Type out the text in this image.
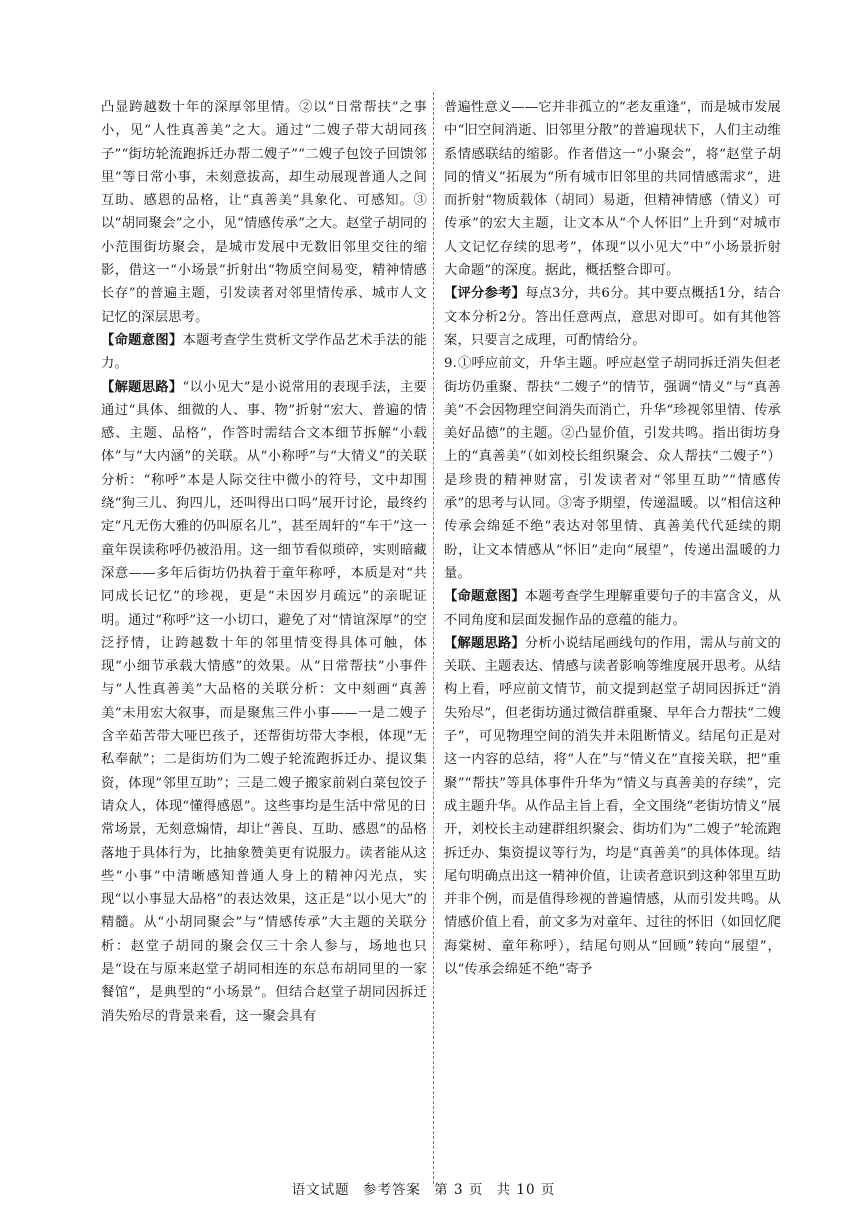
凸显跨越数十年的深厚邻里情。②以“日常帮扶”之事小，见“人性真善美”之大。通过“二嫂子带大胡同孩子”“街坊轮流跑拆迁办帮二嫂子”“二嫂子包饺子回馈邻里”等日常小事，未刻意拔高，却生动展现普通人之间互助、感恩的品格，让“真善美”具象化、可感知。③以“胡同聚会”之小，见“情感传承”之大。赵堂子胡同的小范围街坊聚会，是城市发展中无数旧邻里交往的缩影，借这一“小场景”折射出“物质空间易变，精神情感长存”的普遍主题，引发读者对邻里情传承、城市人文记忆的深层思考。

【命题意图】本题考查学生赏析文学作品艺术手法的能力。

【解题思路】“以小见大”是小说常用的表现手法，主要通过“具体、细微的人、事、物”折射“宏大、普遍的情感、主题、品格”，作答时需结合文本细节拆解“小载体”与“大内涵”的关联。从“小称呼”与“大情义”的关联分析：“称呼”本是人际交往中微小的符号，文中却围绕“狗三儿、狗四儿，还叫得出口吗”展开讨论，最终约定“凡无伤大雅的仍叫原名儿”，甚至周轩的“车干”这一童年误读称呼仍被沿用。这一细节看似琐碎，实则暗藏深意——多年后街坊仍执着于童年称呼，本质是对“共同成长记忆”的珍视，更是“未因岁月疏远”的亲昵证明。通过“称呼”这一小切口，避免了对“情谊深厚”的空泛抒情，让跨越数十年的邻里情变得具体可触，体现“小细节承载大情感”的效果。从“日常帮扶”小事件与“人性真善美”大品格的关联分析：文中刻画“真善美”未用宏大叙事，而是聚焦三件小事——一是二嫂子含辛茹苦带大哑巴孩子，还帮街坊带大李根，体现“无私奉献”；二是街坊们为二嫂子轮流跑拆迁办、提议集资，体现“邻里互助”；三是二嫂子搬家前剁白菜包饺子请众人，体现“懂得感恩”。这些事均是生活中常见的日常场景，无刻意煽情，却让“善良、互助、感恩”的品格落地于具体行为，比抽象赞美更有说服力。读者能从这些“小事”中清晰感知普通人身上的精神闪光点，实现“以小事显大品格”的表达效果，这正是“以小见大”的精髓。从“小胡同聚会”与“情感传承”大主题的关联分析：赵堂子胡同的聚会仅三十余人参与，场地也只是“设在与原来赵堂子胡同相连的东总布胡同里的一家餐馆”，是典型的“小场景”。但结合赵堂子胡同因拆迁消失殆尽的背景来看，这一聚会具有

普遍性意义——它并非孤立的“老友重逢”，而是城市发展中“旧空间消逝、旧邻里分散”的普遍现状下，人们主动维系情感联结的缩影。作者借这一“小聚会”，将“赵堂子胡同的情义”拓展为“所有城市旧邻里的共同情感需求”，进而折射“物质载体（胡同）易逝，但精神情感（情义）可传承”的宏大主题，让文本从“个人怀旧”上升到“对城市人文记忆存续的思考”，体现“以小见大”中“小场景折射大命题”的深度。据此，概括整合即可。

【评分参考】每点3分，共6分。其中要点概括1分，结合文本分析2分。答出任意两点，意思对即可。如有其他答案，只要言之成理，可酌情给分。

9.①呼应前文，升华主题。呼应赵堂子胡同拆迁消失但老街坊仍重聚、帮扶“二嫂子”的情节，强调“情义”与“真善美”不会因物理空间消失而消亡，升华“珍视邻里情、传承美好品德”的主题。②凸显价值，引发共鸣。指出街坊身上的“真善美”（如刘校长组织聚会、众人帮扶“二嫂子”）是珍贵的精神财富，引发读者对“邻里互助”“情感传承”的思考与认同。③寄予期望，传递温暖。以“相信这种传承会绵延不绝”表达对邻里情、真善美代代延续的期盼，让文本情感从“怀旧”走向“展望”，传递出温暖的力量。

【命题意图】本题考查学生理解重要句子的丰富含义，从不同角度和层面发掘作品的意蕴的能力。

【解题思路】分析小说结尾画线句的作用，需从与前文的关联、主题表达、情感与读者影响等维度展开思考。从结构上看，呼应前文情节，前文提到赵堂子胡同因拆迁“消失殆尽”，但老街坊通过微信群重聚、早年合力帮扶“二嫂子”，可见物理空间的消失并未阻断情义。结尾句正是对这一内容的总结，将“人在”与“情义在”直接关联，把“重聚”“帮扶”等具体事件升华为“情义与真善美的存续”，完成主题升华。从作品主旨上看，全文围绕“老街坊情义”展开，刘校长主动建群组织聚会、街坊们为“二嫂子”轮流跑拆迁办、集资提议等行为，均是“真善美”的具体体现。结尾句明确点出这一精神价值，让读者意识到这种邻里互助并非个例，而是值得珍视的普遍情感，从而引发共鸣。从情感价值上看，前文多为对童年、过往的怀旧（如回忆爬海棠树、童年称呼），结尾句则从“回顾”转向“展望”，以“传承会绵延不绝”寄予

语文试题 参考答案 第 3 页 共 10 页
